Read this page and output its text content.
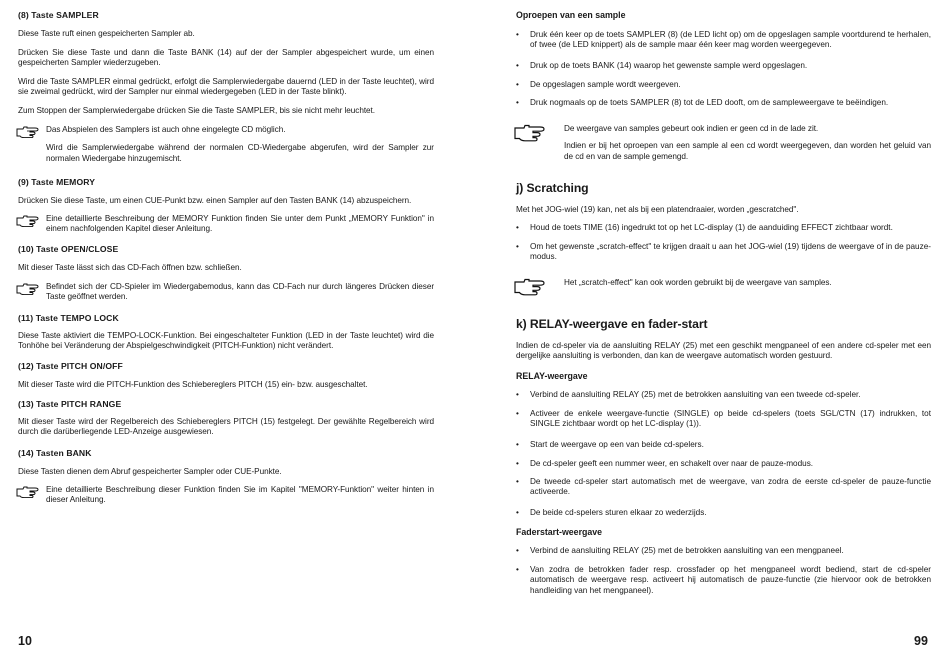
(8) Taste SAMPLER
Diese Taste ruft einen gespeicherten Sampler ab.
Drücken Sie diese Taste und dann die Taste BANK (14) auf der der Sampler abgespeichert wurde, um einen gespeicherten Sampler wiederzugeben.
Wird die Taste SAMPLER einmal gedrückt, erfolgt die Samplerwiedergabe dauernd (LED in der Taste leuchtet), wird sie zweimal gedrückt, wird der Sampler nur einmal wiedergegeben (LED in der Taste blinkt).
Zum Stoppen der Samplerwiedergabe drücken Sie die Taste SAMPLER, bis sie nicht mehr leuchtet.
Das Abspielen des Samplers ist auch ohne eingelegte CD möglich.
Wird die Samplerwiedergabe während der normalen CD-Wiedergabe abgerufen, wird der Sampler zur normalen Wiedergabe hinzugemischt.
(9) Taste MEMORY
Drücken Sie diese Taste, um einen CUE-Punkt bzw. einen Sampler auf den Tasten BANK (14) abzuspeichern.
Eine detaillierte Beschreibung der MEMORY Funktion finden Sie unter dem Punkt „MEMORY Funktion" in einem nachfolgenden Kapitel dieser Anleitung.
(10) Taste OPEN/CLOSE
Mit dieser Taste lässt sich das CD-Fach öffnen bzw. schließen.
Befindet sich der CD-Spieler im Wiedergabemodus, kann das CD-Fach nur durch längeres Drücken dieser Taste geöffnet werden.
(11) Taste TEMPO LOCK
Diese Taste aktiviert die TEMPO-LOCK-Funktion. Bei eingeschalteter Funktion (LED in der Taste leuchtet) wird die Tonhöhe bei Veränderung der Abspielgeschwindigkeit (PITCH-Funktion) nicht verändert.
(12) Taste PITCH ON/OFF
Mit dieser Taste wird die PITCH-Funktion des Schiebereglers PITCH (15) ein- bzw. ausgeschaltet.
(13) Taste PITCH RANGE
Mit dieser Taste wird der Regelbereich des Schiebereglers PITCH (15) festgelegt. Der gewählte Regelbereich wird durch die darüberliegende LED-Anzeige ausgewiesen.
(14) Tasten BANK
Diese Tasten dienen dem Abruf gespeicherter Sampler oder CUE-Punkte.
Eine detaillierte Beschreibung dieser Funktion finden Sie im Kapitel "MEMORY-Funktion" weiter hinten in dieser Anleitung.
10
Oproepen van een sample
• Druk één keer op de toets SAMPLER (8) (de LED licht op) om de opgeslagen sample voortdurend te herhalen, of twee (de LED knippert) als de sample maar één keer mag worden weergegeven.
• Druk op de toets BANK (14) waarop het gewenste sample werd opgeslagen.
• De opgeslagen sample wordt weergeven.
• Druk nogmaals op de toets SAMPLER (8) tot de LED dooft, om de sampleweergave te beëindigen.
De weergave van samples gebeurt ook indien er geen cd in de lade zit.
Indien er bij het oproepen van een sample al een cd wordt weergegeven, dan worden het geluid van de cd en van de sample gemengd.
j) Scratching
Met het JOG-wiel (19) kan, net als bij een platendraaier, worden „gescratched".
• Houd de toets TIME (16) ingedrukt tot op het LC-display (1) de aanduiding EFFECT zichtbaar wordt.
• Om het gewenste „scratch-effect" te krijgen draait u aan het JOG-wiel (19) tijdens de weergave of in de pauze-modus.
Het „scratch-effect" kan ook worden gebruikt bij de weergave van samples.
k) RELAY-weergave en fader-start
Indien de cd-speler via de aansluiting RELAY (25) met een geschikt mengpaneel of een andere cd-speler met een dergelijke aansluiting is verbonden, dan kan de weergave automatisch worden gestuurd.
RELAY-weergave
• Verbind de aansluiting RELAY (25) met de betrokken aansluiting van een tweede cd-speler.
• Activeer de enkele weergave-functie (SINGLE) op beide cd-spelers (toets SGL/CTN (17) indrukken, tot SINGLE zichtbaar wordt op het LC-display (1)).
• Start de weergave op een van beide cd-spelers.
• De cd-speler geeft een nummer weer, en schakelt over naar de pauze-modus.
• De tweede cd-speler start automatisch met de weergave, van zodra de eerste cd-speler de pauze-functie activeerde.
• De beide cd-spelers sturen elkaar zo wederzijds.
Faderstart-weergave
• Verbind de aansluiting RELAY (25) met de betrokken aansluiting van een mengpaneel.
• Van zodra de betrokken fader resp. crossfader op het mengpaneel wordt bediend, start de cd-speler automatisch de weergave resp. activeert hij automatisch de pauze-functie (zie hiervoor ook de betrokken handleiding van het mengpaneel).
99
